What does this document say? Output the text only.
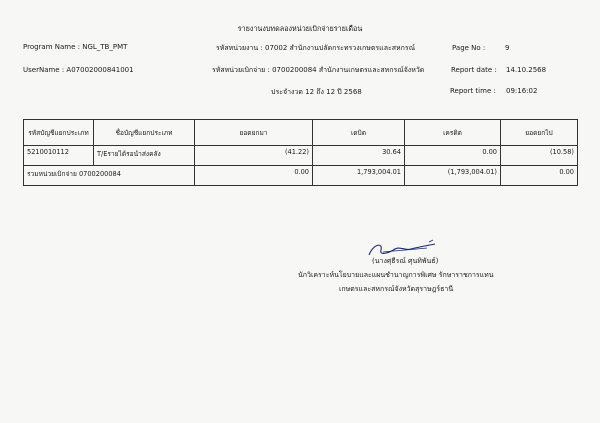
รายงานงบทดลองหน่วยเบิกจ่ายรายเดือน
Program Name : NGL_TB_PMT
UserName : A07002000841001
รหัสหน่วยงาน : 07002 สำนักงานปลัดกระทรวงเกษตรและสหกรณ์
รหัสหน่วยเบิกจ่าย : 0700200084 สำนักงานเกษตรและสหกรณ์จังหวัด
ประจำงวด 12 ถึง 12 ปี 2568
Page No :	9
Report date : 14.10.2568
Report time : 09:16:02
รหัสบัญชีแยกประเภท	ชื่อบัญชีแยกประเภท	ยอดยกมา	เดบิต	เครดิต	ยอดยกไป
5210010112	T/Eรายได้รอนำส่งคลัง	(41.22)	30.64	0.00	(10.58)
รวมหน่วยเบิกจ่าย 0700200084		0.00	1,793,004.01	(1,793,004.01)	0.00
(นางศุธีรณ์ ศุนทิพันธ์)
นักวิเคราะห์นโยบายและแผนชำนาญการพิเศษ รักษาราชการแทน
เกษตรและสหกรณ์จังหวัดสุราษฎร์ธานี
